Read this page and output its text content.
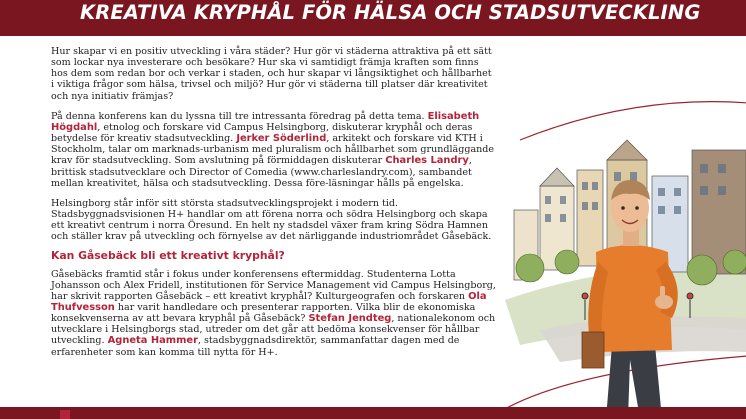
KREATIVA KRYPHÅL FÖR HÄLSA OCH STADSUTVECKLING

Hur skapar vi en positiv utveckling i våra städer? Hur gör vi städerna attraktiva på ett sätt som lockar nya investerare och besökare? Hur ska vi samtidigt främja kraften som finns hos dem som redan bor och verkar i staden, och hur skapar vi långsiktighet och hållbarhet i viktiga frågor som hälsa, trivsel och miljö? Hur gör vi städerna till platser där kreativitet och nya initiativ främjas?

På denna konferens kan du lyssna till tre intressanta föredrag på detta tema. Elisabeth Högdahl, etnolog och forskare vid Campus Helsingborg, diskuterar kryphål och deras betydelse för kreativ stadsutveckling. Jerker Söderlind, arkitekt och forskare vid KTH i Stockholm, talar om marknads-urbanism med pluralism och hållbarhet som grundläggande krav för stadsutveckling. Som avslutning på förmiddagen diskuterar Charles Landry, brittisk stadsutvecklare och Director of Comedia (www.charleslandry.com), sambandet mellan kreativitet, hälsa och stadsutveckling. Dessa före-läsningar hålls på engelska.

Helsingborg står inför sitt största stadsutvecklingsprojekt i modern tid. Stadsbyggnadsvisionen H+ handlar om att förena norra och södra Helsingborg och skapa ett kreativt centrum i norra Öresund. En helt ny stadsdel växer fram kring Södra Hamnen och ställer krav på utveckling och förnyelse av det närliggande industriområdet Gåsebäck.

Kan Gåsebäck bli ett kreativt kryphål?

Gåsebäcks framtid står i fokus under konferensens eftermiddag. Studenterna Lotta Johansson och Alex Fridell, institutionen för Service Management vid Campus Helsingborg, har skrivit rapporten Gåsebäck – ett kreativt kryphål? Kulturgeografen och forskaren Ola Thufvesson har varit handledare och presenterar rapporten. Vilka blir de ekonomiska konsekvenserna av att bevara kryphål på Gåsebäck? Stefan Jendteg, nationalekonom och utvecklare i Helsingborgs stad, utreder om det går att bedöma konsekvenser för hållbar utveckling. Agneta Hammer, stadsbyggnadsdirektör, sammanfattar dagen med de erfarenheter som kan komma till nytta för H+.
